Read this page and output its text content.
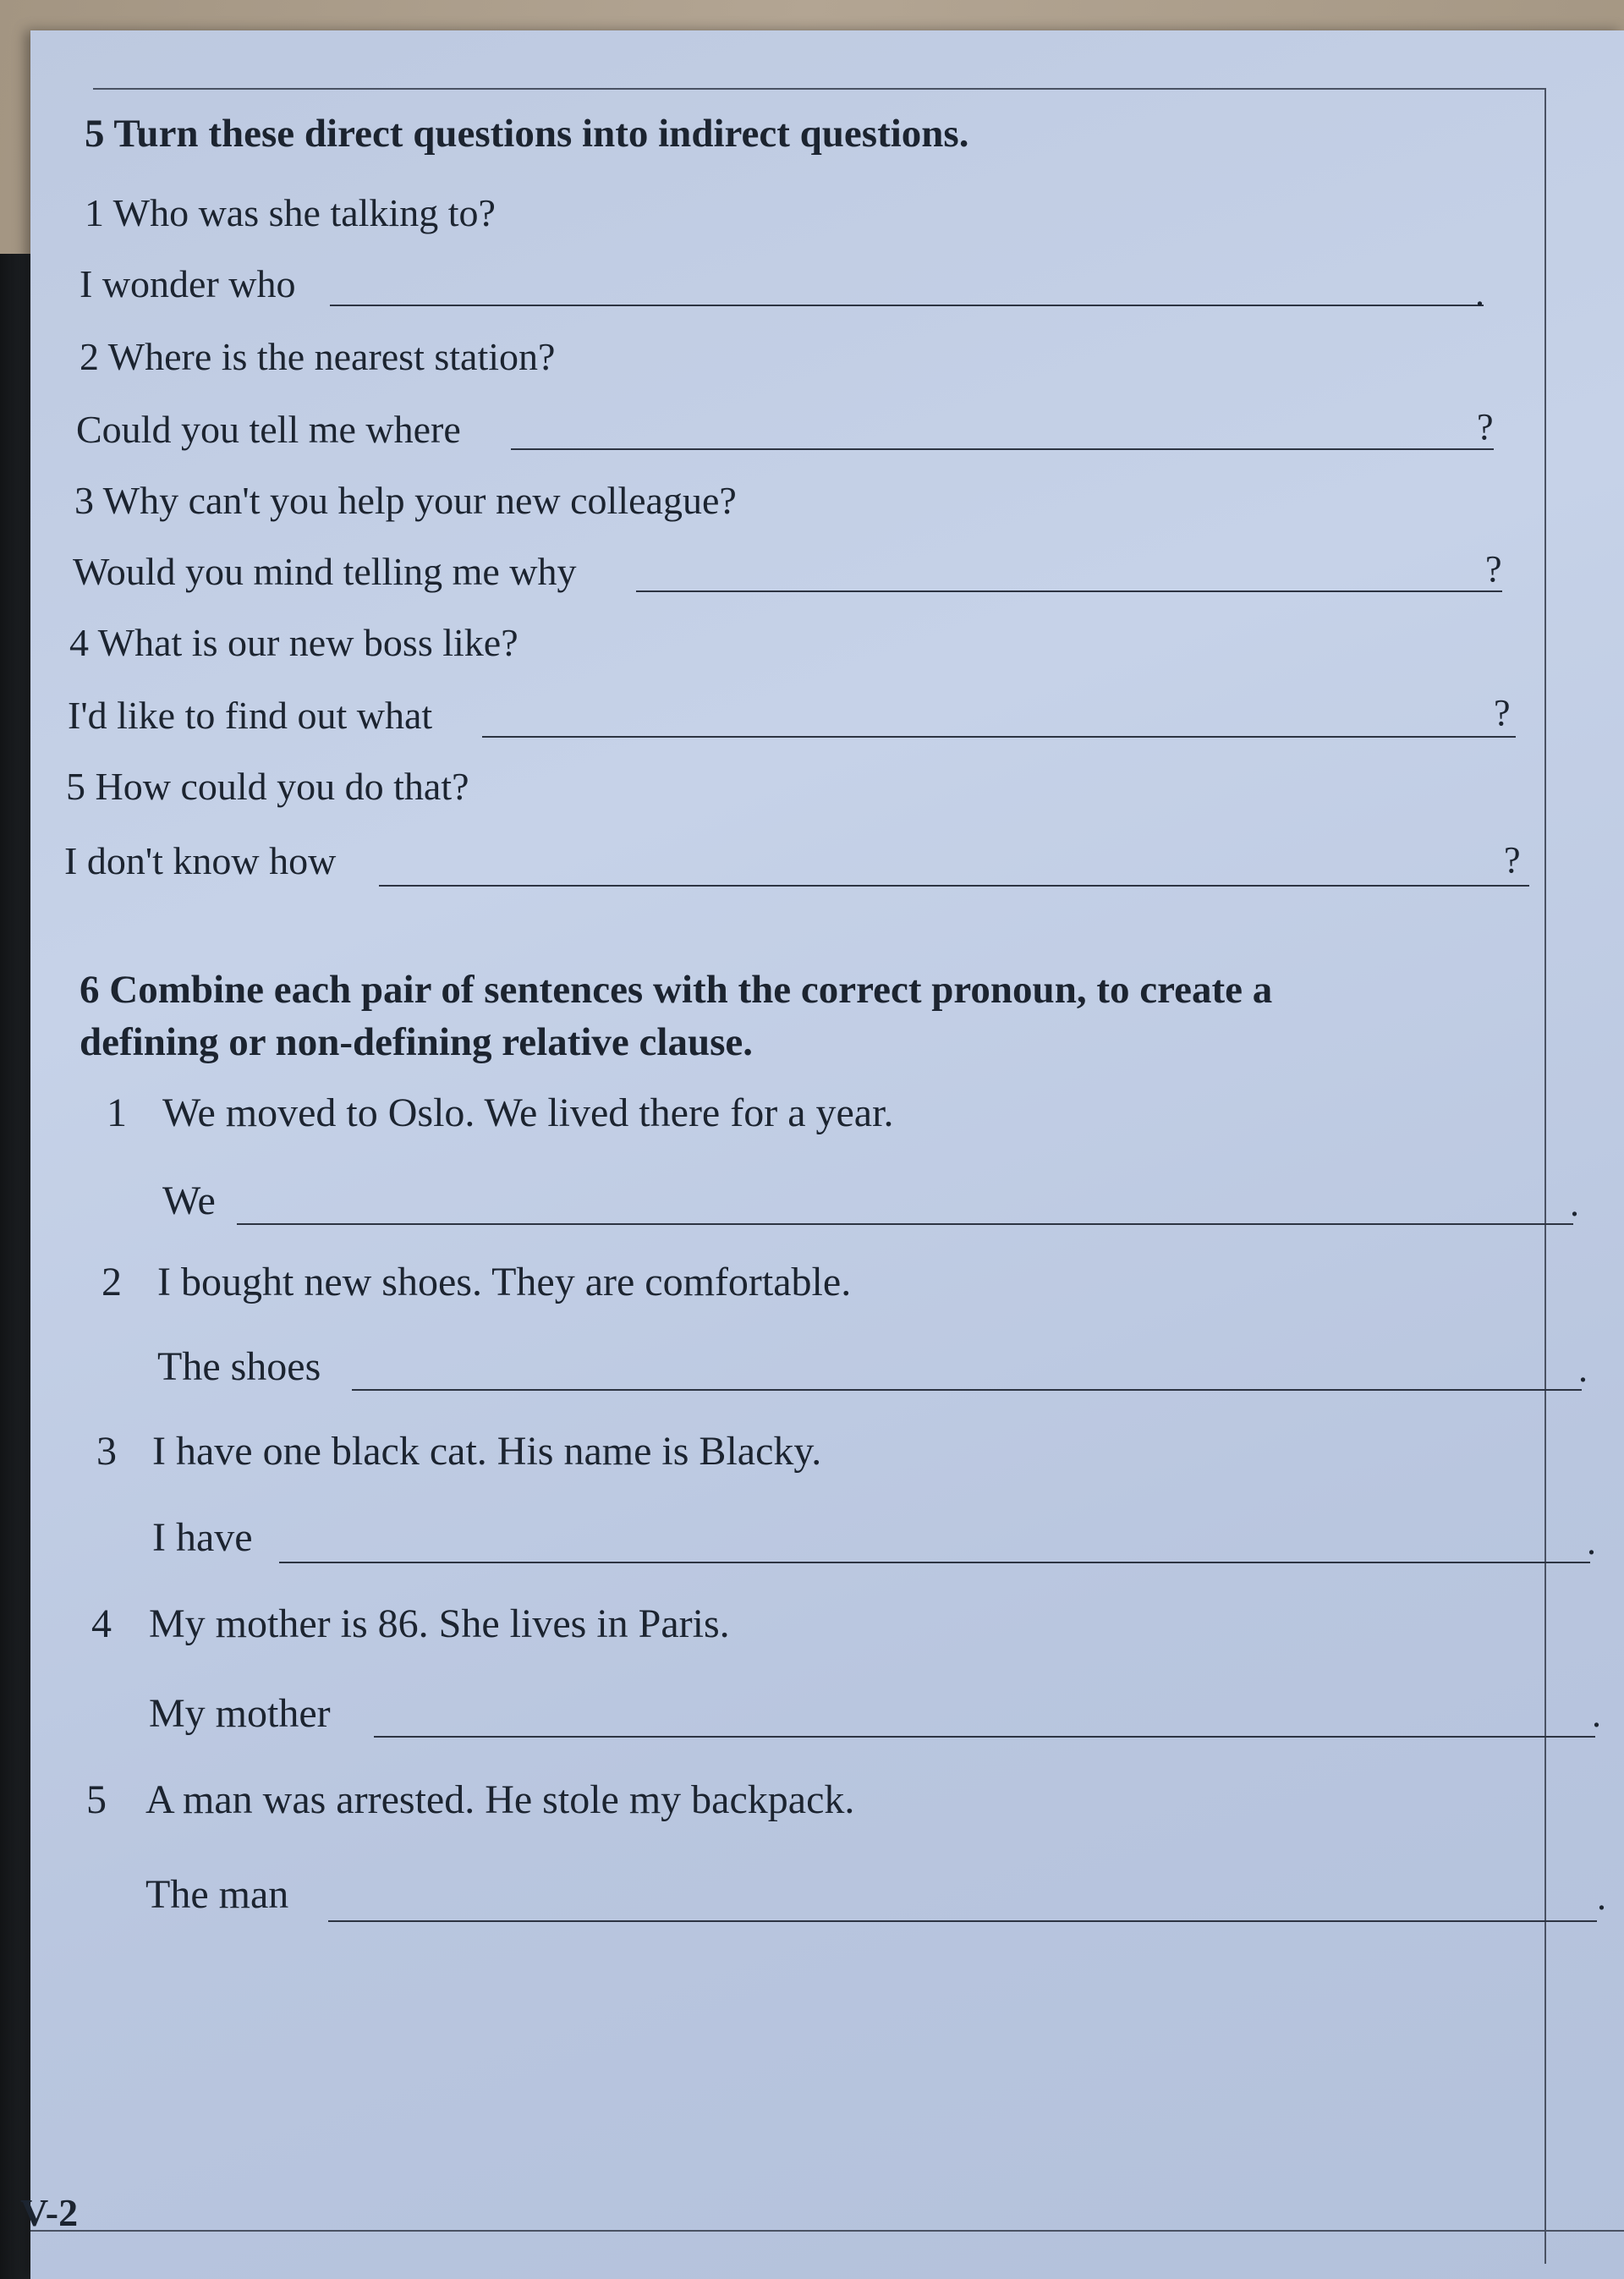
5 Turn these direct questions into indirect questions.
1 Who was she talking to?
I wonder who	.
2 Where is the nearest station?
Could you tell me where	?
3 Why can't you help your new colleague?
Would you mind telling me why	?
4 What is our new boss like?
I'd like to find out what	?
5 How could you do that?
I don't know how	?
6 Combine each pair of sentences with the correct pronoun, to create a
defining or non-defining relative clause.
1 We moved to Oslo. We lived there for a year.
We	.
2 I bought new shoes. They are comfortable.
The shoes	.
3 I have one black cat. His name is Blacky.
I have	.
4 My mother is 86. She lives in Paris.
My mother	.
5 A man was arrested. He stole my backpack.
The man	.
V-2
